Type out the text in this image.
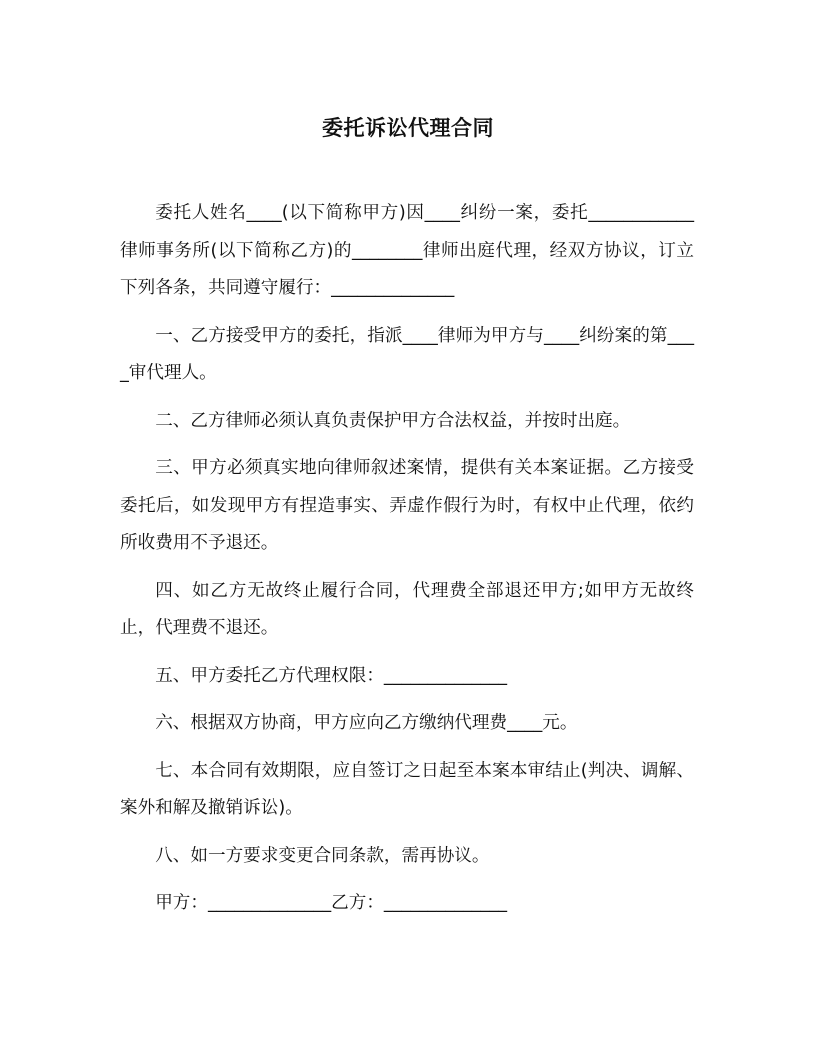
委托诉讼代理合同

委托人姓名____(以下简称甲方)因____纠纷一案，委托____________律师事务所(以下简称乙方)的________律师出庭代理，经双方协议，订立下列各条，共同遵守履行：______________

一、乙方接受甲方的委托，指派____律师为甲方与____纠纷案的第____审代理人。

二、乙方律师必须认真负责保护甲方合法权益，并按时出庭。

三、甲方必须真实地向律师叙述案情，提供有关本案证据。乙方接受委托后，如发现甲方有捏造事实、弄虚作假行为时，有权中止代理，依约所收费用不予退还。

四、如乙方无故终止履行合同，代理费全部退还甲方;如甲方无故终止，代理费不退还。

五、甲方委托乙方代理权限：______________

六、根据双方协商，甲方应向乙方缴纳代理费____元。

七、本合同有效期限，应自签订之日起至本案本审结止(判决、调解、案外和解及撤销诉讼)。

八、如一方要求变更合同条款，需再协议。

甲方：______________乙方：______________
